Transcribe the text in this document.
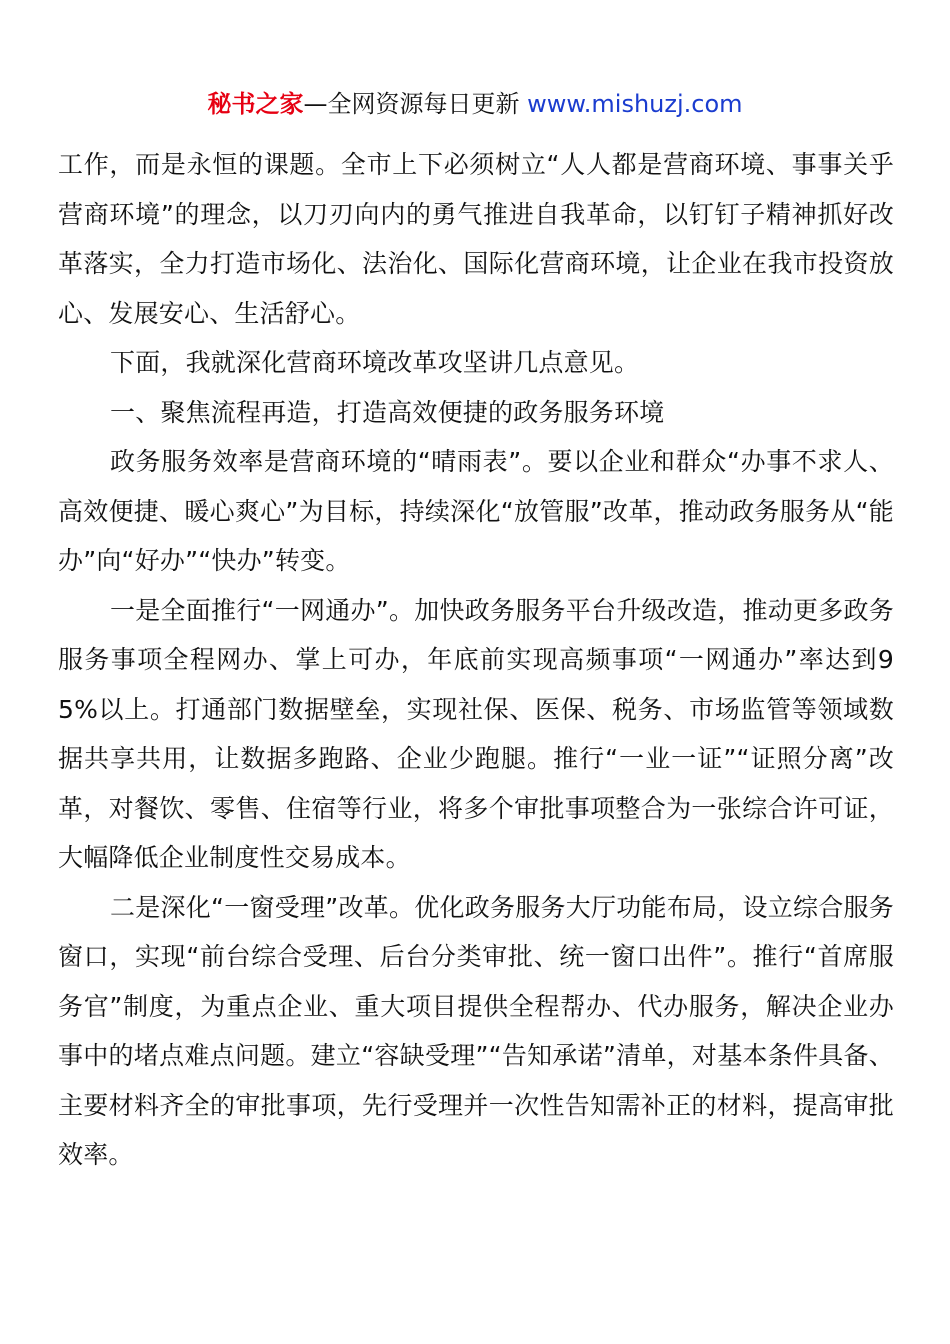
秘书之家—全网资源每日更新 www.mishuzj.com

工作，而是永恒的课题。全市上下必须树立“人人都是营商环境、事事关乎营商环境”的理念，以刀刃向内的勇气推进自我革命，以钉钉子精神抓好改革落实，全力打造市场化、法治化、国际化营商环境，让企业在我市投资放心、发展安心、生活舒心。

下面，我就深化营商环境改革攻坚讲几点意见。

一、聚焦流程再造，打造高效便捷的政务服务环境

政务服务效率是营商环境的“晴雨表”。要以企业和群众“办事不求人、高效便捷、暖心爽心”为目标，持续深化“放管服”改革，推动政务服务从“能办”向“好办”“快办”转变。

一是全面推行“一网通办”。加快政务服务平台升级改造，推动更多政务服务事项全程网办、掌上可办，年底前实现高频事项“一网通办”率达到95%以上。打通部门数据壁垒，实现社保、医保、税务、市场监管等领域数据共享共用，让数据多跑路、企业少跑腿。推行“一业一证”“证照分离”改革，对餐饮、零售、住宿等行业，将多个审批事项整合为一张综合许可证，大幅降低企业制度性交易成本。

二是深化“一窗受理”改革。优化政务服务大厅功能布局，设立综合服务窗口，实现“前台综合受理、后台分类审批、统一窗口出件”。推行“首席服务官”制度，为重点企业、重大项目提供全程帮办、代办服务，解决企业办事中的堵点难点问题。建立“容缺受理”“告知承诺”清单，对基本条件具备、主要材料齐全的审批事项，先行受理并一次性告知需补正的材料，提高审批效率。
